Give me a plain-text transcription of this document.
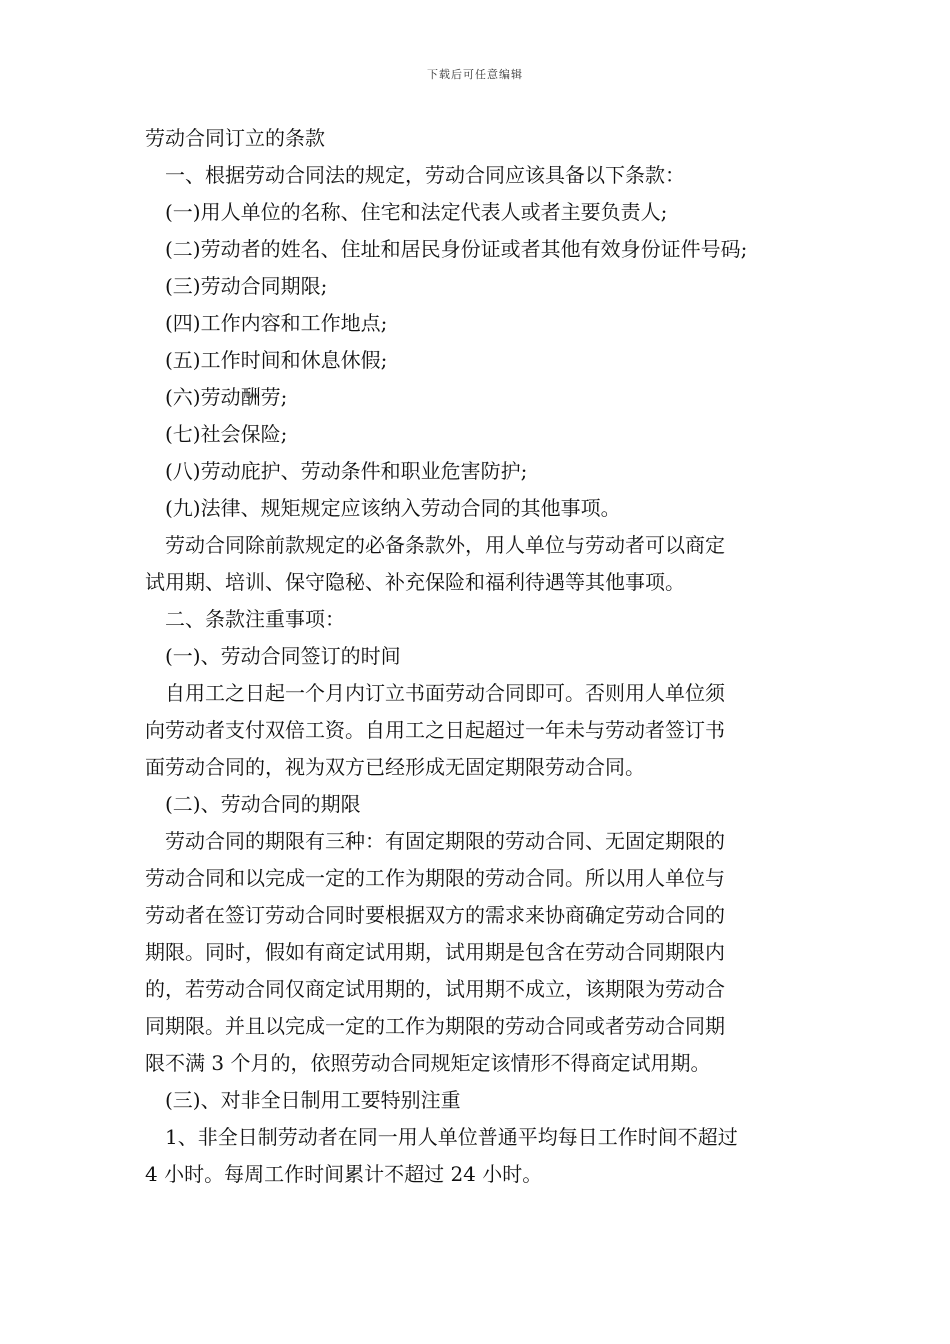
下载后可任意编辑

劳动合同订立的条款

一、根据劳动合同法的规定，劳动合同应该具备以下条款：

(一)用人单位的名称、住宅和法定代表人或者主要负责人;

(二)劳动者的姓名、住址和居民身份证或者其他有效身份证件号码;

(三)劳动合同期限;

(四)工作内容和工作地点;

(五)工作时间和休息休假;

(六)劳动酬劳;

(七)社会保险;

(八)劳动庇护、劳动条件和职业危害防护;

(九)法律、规矩规定应该纳入劳动合同的其他事项。

劳动合同除前款规定的必备条款外，用人单位与劳动者可以商定

试用期、培训、保守隐秘、补充保险和福利待遇等其他事项。

二、条款注重事项：

(一)、劳动合同签订的时间

自用工之日起一个月内订立书面劳动合同即可。否则用人单位须

向劳动者支付双倍工资。自用工之日起超过一年未与劳动者签订书

面劳动合同的，视为双方已经形成无固定期限劳动合同。

(二)、劳动合同的期限

劳动合同的期限有三种：有固定期限的劳动合同、无固定期限的

劳动合同和以完成一定的工作为期限的劳动合同。所以用人单位与

劳动者在签订劳动合同时要根据双方的需求来协商确定劳动合同的

期限。同时，假如有商定试用期，试用期是包含在劳动合同期限内

的，若劳动合同仅商定试用期的，试用期不成立，该期限为劳动合

同期限。并且以完成一定的工作为期限的劳动合同或者劳动合同期

限不满 3 个月的，依照劳动合同规矩定该情形不得商定试用期。

(三)、对非全日制用工要特别注重

1、非全日制劳动者在同一用人单位普通平均每日工作时间不超过

4 小时。每周工作时间累计不超过 24 小时。
